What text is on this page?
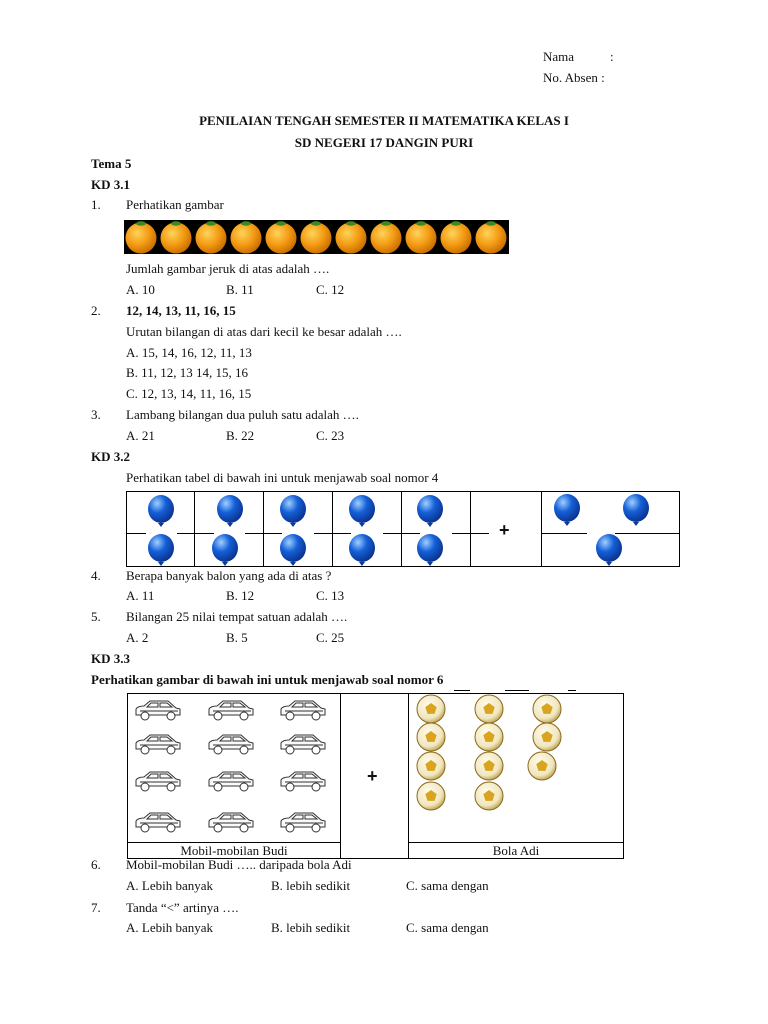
Nama	:
No. Absen :
PENILAIAN TENGAH SEMESTER II MATEMATIKA KELAS I
SD NEGERI 17 DANGIN PURI
Tema 5
KD 3.1
1. Perhatikan gambar
Jumlah gambar jeruk di atas adalah ….
A. 10	B. 11	C. 12
2. 12, 14, 13, 11, 16, 15
Urutan bilangan di atas dari kecil ke besar adalah ….
A. 15, 14, 16, 12, 11, 13
B. 11, 12, 13 14, 15, 16
C. 12, 13, 14, 11, 16, 15
3. Lambang bilangan dua puluh satu adalah ….
A. 21	B. 22	C. 23
KD 3.2
Perhatikan tabel di bawah ini untuk menjawab soal nomor 4
+
4. Berapa banyak balon yang ada di atas ?
A. 11	B. 12	C. 13
5. Bilangan 25 nilai tempat satuan adalah ….
A. 2	B. 5	C. 25
KD 3.3
Perhatikan gambar di bawah ini untuk menjawab soal nomor 6
+
Mobil-mobilan Budi	Bola Adi
6. Mobil-mobilan Budi ….. daripada bola Adi
A. Lebih banyak	B. lebih sedikit	C. sama dengan
7. Tanda “<” artinya ….
A. Lebih banyak	B. lebih sedikit	C. sama dengan
